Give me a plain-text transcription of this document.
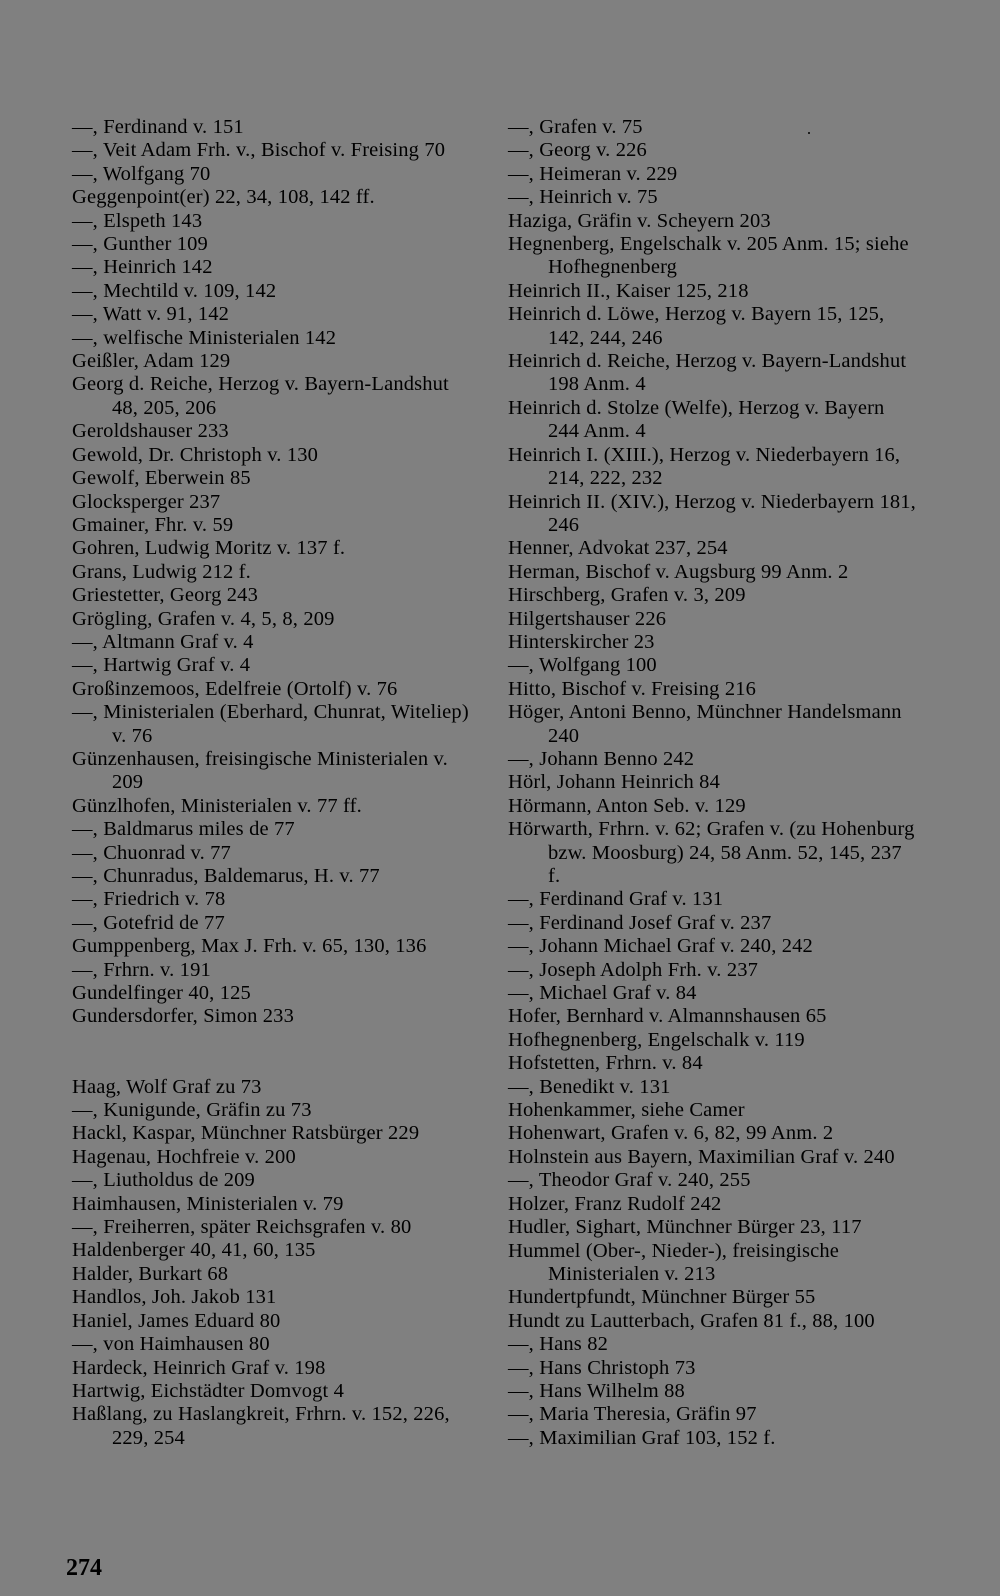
—, Ferdinand v. 151
—, Veit Adam Frh. v., Bischof v. Freising 70
—, Wolfgang 70
Geggenpoint(er) 22, 34, 108, 142 ff.
—, Elspeth 143
—, Gunther 109
—, Heinrich 142
—, Mechtild v. 109, 142
—, Watt v. 91, 142
—, welfische Ministerialen 142
Geißler, Adam 129
Georg d. Reiche, Herzog v. Bayern-Landshut 48, 205, 206
Geroldshauser 233
Gewold, Dr. Christoph v. 130
Gewolf, Eberwein 85
Glocksperger 237
Gmainer, Fhr. v. 59
Gohren, Ludwig Moritz v. 137 f.
Grans, Ludwig 212 f.
Griestetter, Georg 243
Grögling, Grafen v. 4, 5, 8, 209
—, Altmann Graf v. 4
—, Hartwig Graf v. 4
Großinzemoos, Edelfreie (Ortolf) v. 76
—, Ministerialen (Eberhard, Chunrat, Witeliep) v. 76
Günzenhausen, freisingische Ministerialen v. 209
Günzlhofen, Ministerialen v. 77 ff.
—, Baldmarus miles de 77
—, Chuonrad v. 77
—, Chunradus, Baldemarus, H. v. 77
—, Friedrich v. 78
—, Gotefrid de 77
Gumppenberg, Max J. Frh. v. 65, 130, 136
—, Frhrn. v. 191
Gundelfinger 40, 125
Gundersdorfer, Simon 233
Haag, Wolf Graf zu 73
—, Kunigunde, Gräfin zu 73
Hackl, Kaspar, Münchner Ratsbürger 229
Hagenau, Hochfreie v. 200
—, Liutholdus de 209
Haimhausen, Ministerialen v. 79
—, Freiherren, später Reichsgrafen v. 80
Haldenberger 40, 41, 60, 135
Halder, Burkart 68
Handlos, Joh. Jakob 131
Haniel, James Eduard 80
—, von Haimhausen 80
Hardeck, Heinrich Graf v. 198
Hartwig, Eichstädter Domvogt 4
Haßlang, zu Haslangkreit, Frhrn. v. 152, 226, 229, 254
—, Grafen v. 75
—, Georg v. 226
—, Heimeran v. 229
—, Heinrich v. 75
Haziga, Gräfin v. Scheyern 203
Hegnenberg, Engelschalk v. 205 Anm. 15; siehe Hofhegnenberg
Heinrich II., Kaiser 125, 218
Heinrich d. Löwe, Herzog v. Bayern 15, 125, 142, 244, 246
Heinrich d. Reiche, Herzog v. Bayern-Landshut 198 Anm. 4
Heinrich d. Stolze (Welfe), Herzog v. Bayern 244 Anm. 4
Heinrich I. (XIII.), Herzog v. Niederbayern 16, 214, 222, 232
Heinrich II. (XIV.), Herzog v. Niederbayern 181, 246
Henner, Advokat 237, 254
Herman, Bischof v. Augsburg 99 Anm. 2
Hirschberg, Grafen v. 3, 209
Hilgertshauser 226
Hinterskircher 23
—, Wolfgang 100
Hitto, Bischof v. Freising 216
Höger, Antoni Benno, Münchner Handelsmann 240
—, Johann Benno 242
Hörl, Johann Heinrich 84
Hörmann, Anton Seb. v. 129
Hörwarth, Frhrn. v. 62; Grafen v. (zu Hohenburg bzw. Moosburg) 24, 58 Anm. 52, 145, 237 f.
—, Ferdinand Graf v. 131
—, Ferdinand Josef Graf v. 237
—, Johann Michael Graf v. 240, 242
—, Joseph Adolph Frh. v. 237
—, Michael Graf v. 84
Hofer, Bernhard v. Almannshausen 65
Hofhegnenberg, Engelschalk v. 119
Hofstetten, Frhrn. v. 84
—, Benedikt v. 131
Hohenkammer, siehe Camer
Hohenwart, Grafen v. 6, 82, 99 Anm. 2
Holnstein aus Bayern, Maximilian Graf v. 240
—, Theodor Graf v. 240, 255
Holzer, Franz Rudolf 242
Hudler, Sighart, Münchner Bürger 23, 117
Hummel (Ober-, Nieder-), freisingische Ministerialen v. 213
Hundertpfundt, Münchner Bürger 55
Hundt zu Lautterbach, Grafen 81 f., 88, 100
—, Hans 82
—, Hans Christoph 73
—, Hans Wilhelm 88
—, Maria Theresia, Gräfin 97
—, Maximilian Graf 103, 152 f.
274
